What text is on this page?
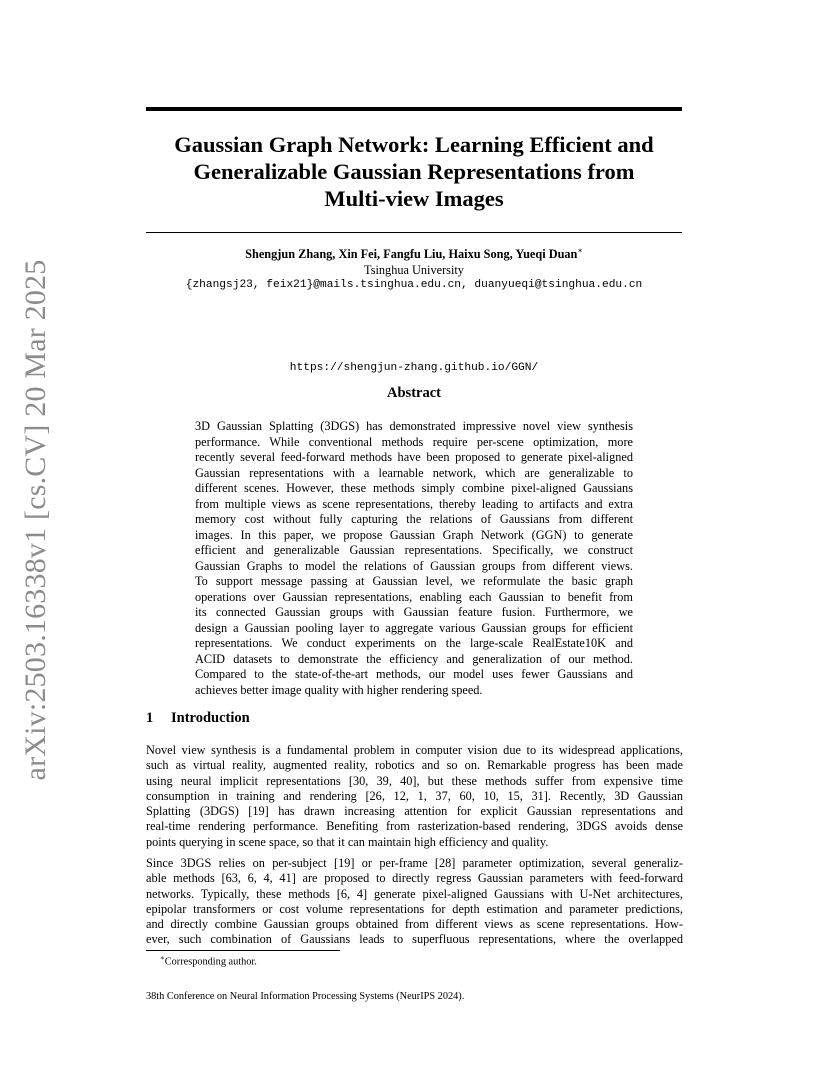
arXiv:2503.16338v1 [cs.CV] 20 Mar 2025
Gaussian Graph Network: Learning Efficient and
Generalizable Gaussian Representations from
Multi-view Images
Shengjun Zhang, Xin Fei, Fangfu Liu, Haixu Song, Yueqi Duan∗
Tsinghua University
{zhangsj23, feix21}@mails.tsinghua.edu.cn, duanyueqi@tsinghua.edu.cn
https://shengjun-zhang.github.io/GGN/
Abstract
3D Gaussian Splatting (3DGS) has demonstrated impressive novel view synthesis
performance. While conventional methods require per-scene optimization, more
recently several feed-forward methods have been proposed to generate pixel-aligned
Gaussian representations with a learnable network, which are generalizable to
different scenes. However, these methods simply combine pixel-aligned Gaussians
from multiple views as scene representations, thereby leading to artifacts and extra
memory cost without fully capturing the relations of Gaussians from different
images. In this paper, we propose Gaussian Graph Network (GGN) to generate
efficient and generalizable Gaussian representations. Specifically, we construct
Gaussian Graphs to model the relations of Gaussian groups from different views.
To support message passing at Gaussian level, we reformulate the basic graph
operations over Gaussian representations, enabling each Gaussian to benefit from
its connected Gaussian groups with Gaussian feature fusion. Furthermore, we
design a Gaussian pooling layer to aggregate various Gaussian groups for efficient
representations. We conduct experiments on the large-scale RealEstate10K and
ACID datasets to demonstrate the efficiency and generalization of our method.
Compared to the state-of-the-art methods, our model uses fewer Gaussians and
achieves better image quality with higher rendering speed.
1 Introduction
Novel view synthesis is a fundamental problem in computer vision due to its widespread applications,
such as virtual reality, augmented reality, robotics and so on. Remarkable progress has been made
using neural implicit representations [30, 39, 40], but these methods suffer from expensive time
consumption in training and rendering [26, 12, 1, 37, 60, 10, 15, 31]. Recently, 3D Gaussian
Splatting (3DGS) [19] has drawn increasing attention for explicit Gaussian representations and
real-time rendering performance. Benefiting from rasterization-based rendering, 3DGS avoids dense
points querying in scene space, so that it can maintain high efficiency and quality.
Since 3DGS relies on per-subject [19] or per-frame [28] parameter optimization, several generaliz-
able methods [63, 6, 4, 41] are proposed to directly regress Gaussian parameters with feed-forward
networks. Typically, these methods [6, 4] generate pixel-aligned Gaussians with U-Net architectures,
epipolar transformers or cost volume representations for depth estimation and parameter predictions,
and directly combine Gaussian groups obtained from different views as scene representations. How-
ever, such combination of Gaussians leads to superfluous representations, where the overlapped
∗Corresponding author.
38th Conference on Neural Information Processing Systems (NeurIPS 2024).
